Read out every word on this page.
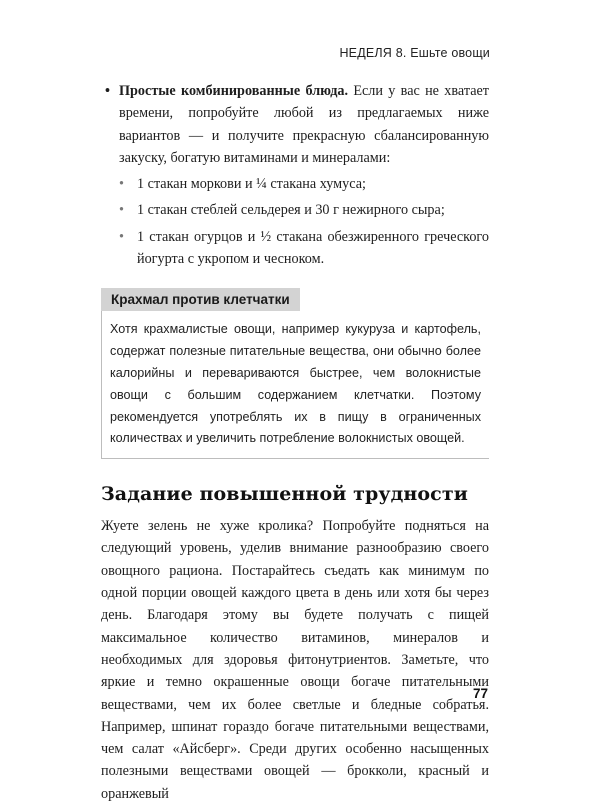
НЕДЕЛЯ 8. Ешьте овощи
• Простые комбинированные блюда. Если у вас не хватает времени, попробуйте любой из предлагаемых ниже вариантов — и получите прекрасную сбалансированную закуску, богатую витаминами и минералами:
• 1 стакан моркови и ¼ стакана хумуса;
• 1 стакан стеблей сельдерея и 30 г нежирного сыра;
• 1 стакан огурцов и ½ стакана обезжиренного греческого йогурта с укропом и чесноком.
Крахмал против клетчатки
Хотя крахмалистые овощи, например кукуруза и картофель, содержат полезные питательные вещества, они обычно более калорийны и перевариваются быстрее, чем волокнистые овощи с большим содержанием клетчатки. Поэтому рекомендуется употреблять их в пищу в ограниченных количествах и увеличить потребление волокнистых овощей.
Задание повышенной трудности
Жуете зелень не хуже кролика? Попробуйте подняться на следующий уровень, уделив внимание разнообразию своего овощного рациона. Постарайтесь съедать как минимум по одной порции овощей каждого цвета в день или хотя бы через день. Благодаря этому вы будете получать с пищей максимальное количество витаминов, минералов и необходимых для здоровья фитонутриентов. Заметьте, что яркие и темно окрашенные овощи богаче питательными веществами, чем их более светлые и бледные собратья. Например, шпинат гораздо богаче питательными веществами, чем салат «Айсберг». Среди других особенно насыщенных полезными веществами овощей — брокколи, красный и оранжевый
77
